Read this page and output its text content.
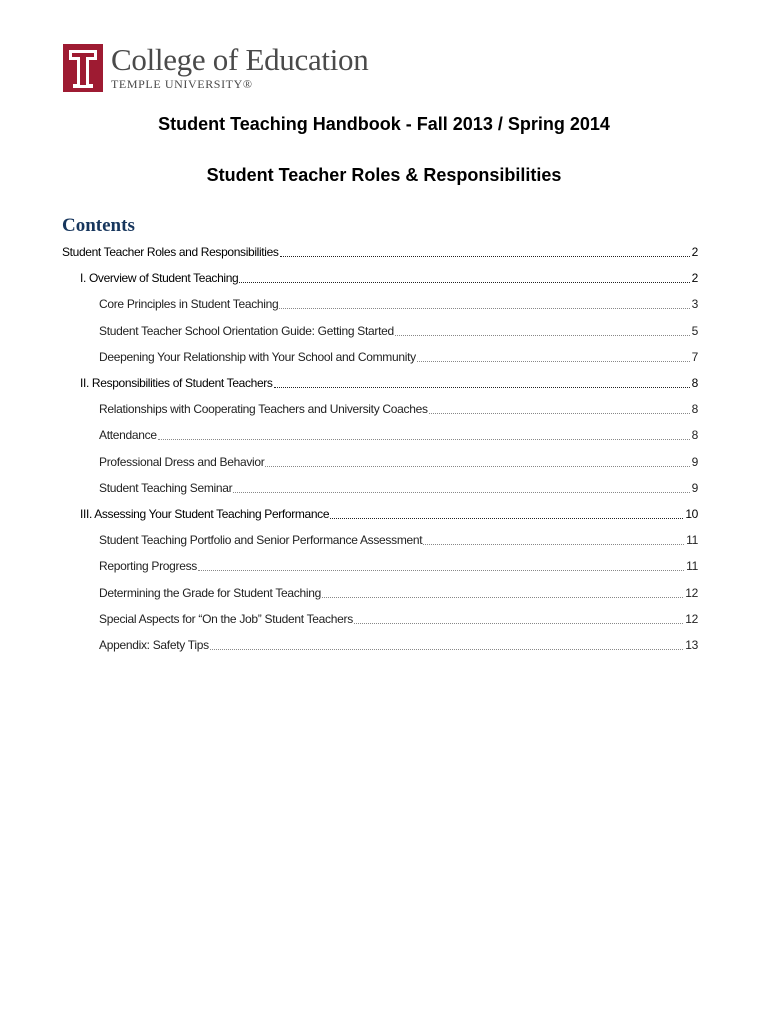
College of Education
TEMPLE UNIVERSITY®
Student Teaching Handbook - Fall 2013 / Spring 2014
Student Teacher Roles & Responsibilities
Contents
Student Teacher Roles and Responsibilities	2
I. Overview of Student Teaching	2
Core Principles in Student Teaching	3
Student Teacher School Orientation Guide: Getting Started	5
Deepening Your Relationship with Your School and Community	7
II. Responsibilities of Student Teachers	8
Relationships with Cooperating Teachers and University Coaches	8
Attendance	8
Professional Dress and Behavior	9
Student Teaching Seminar	9
III. Assessing Your Student Teaching Performance	10
Student Teaching Portfolio and Senior Performance Assessment	11
Reporting Progress	11
Determining the Grade for Student Teaching	12
Special Aspects for “On the Job” Student Teachers	12
Appendix: Safety Tips	13
